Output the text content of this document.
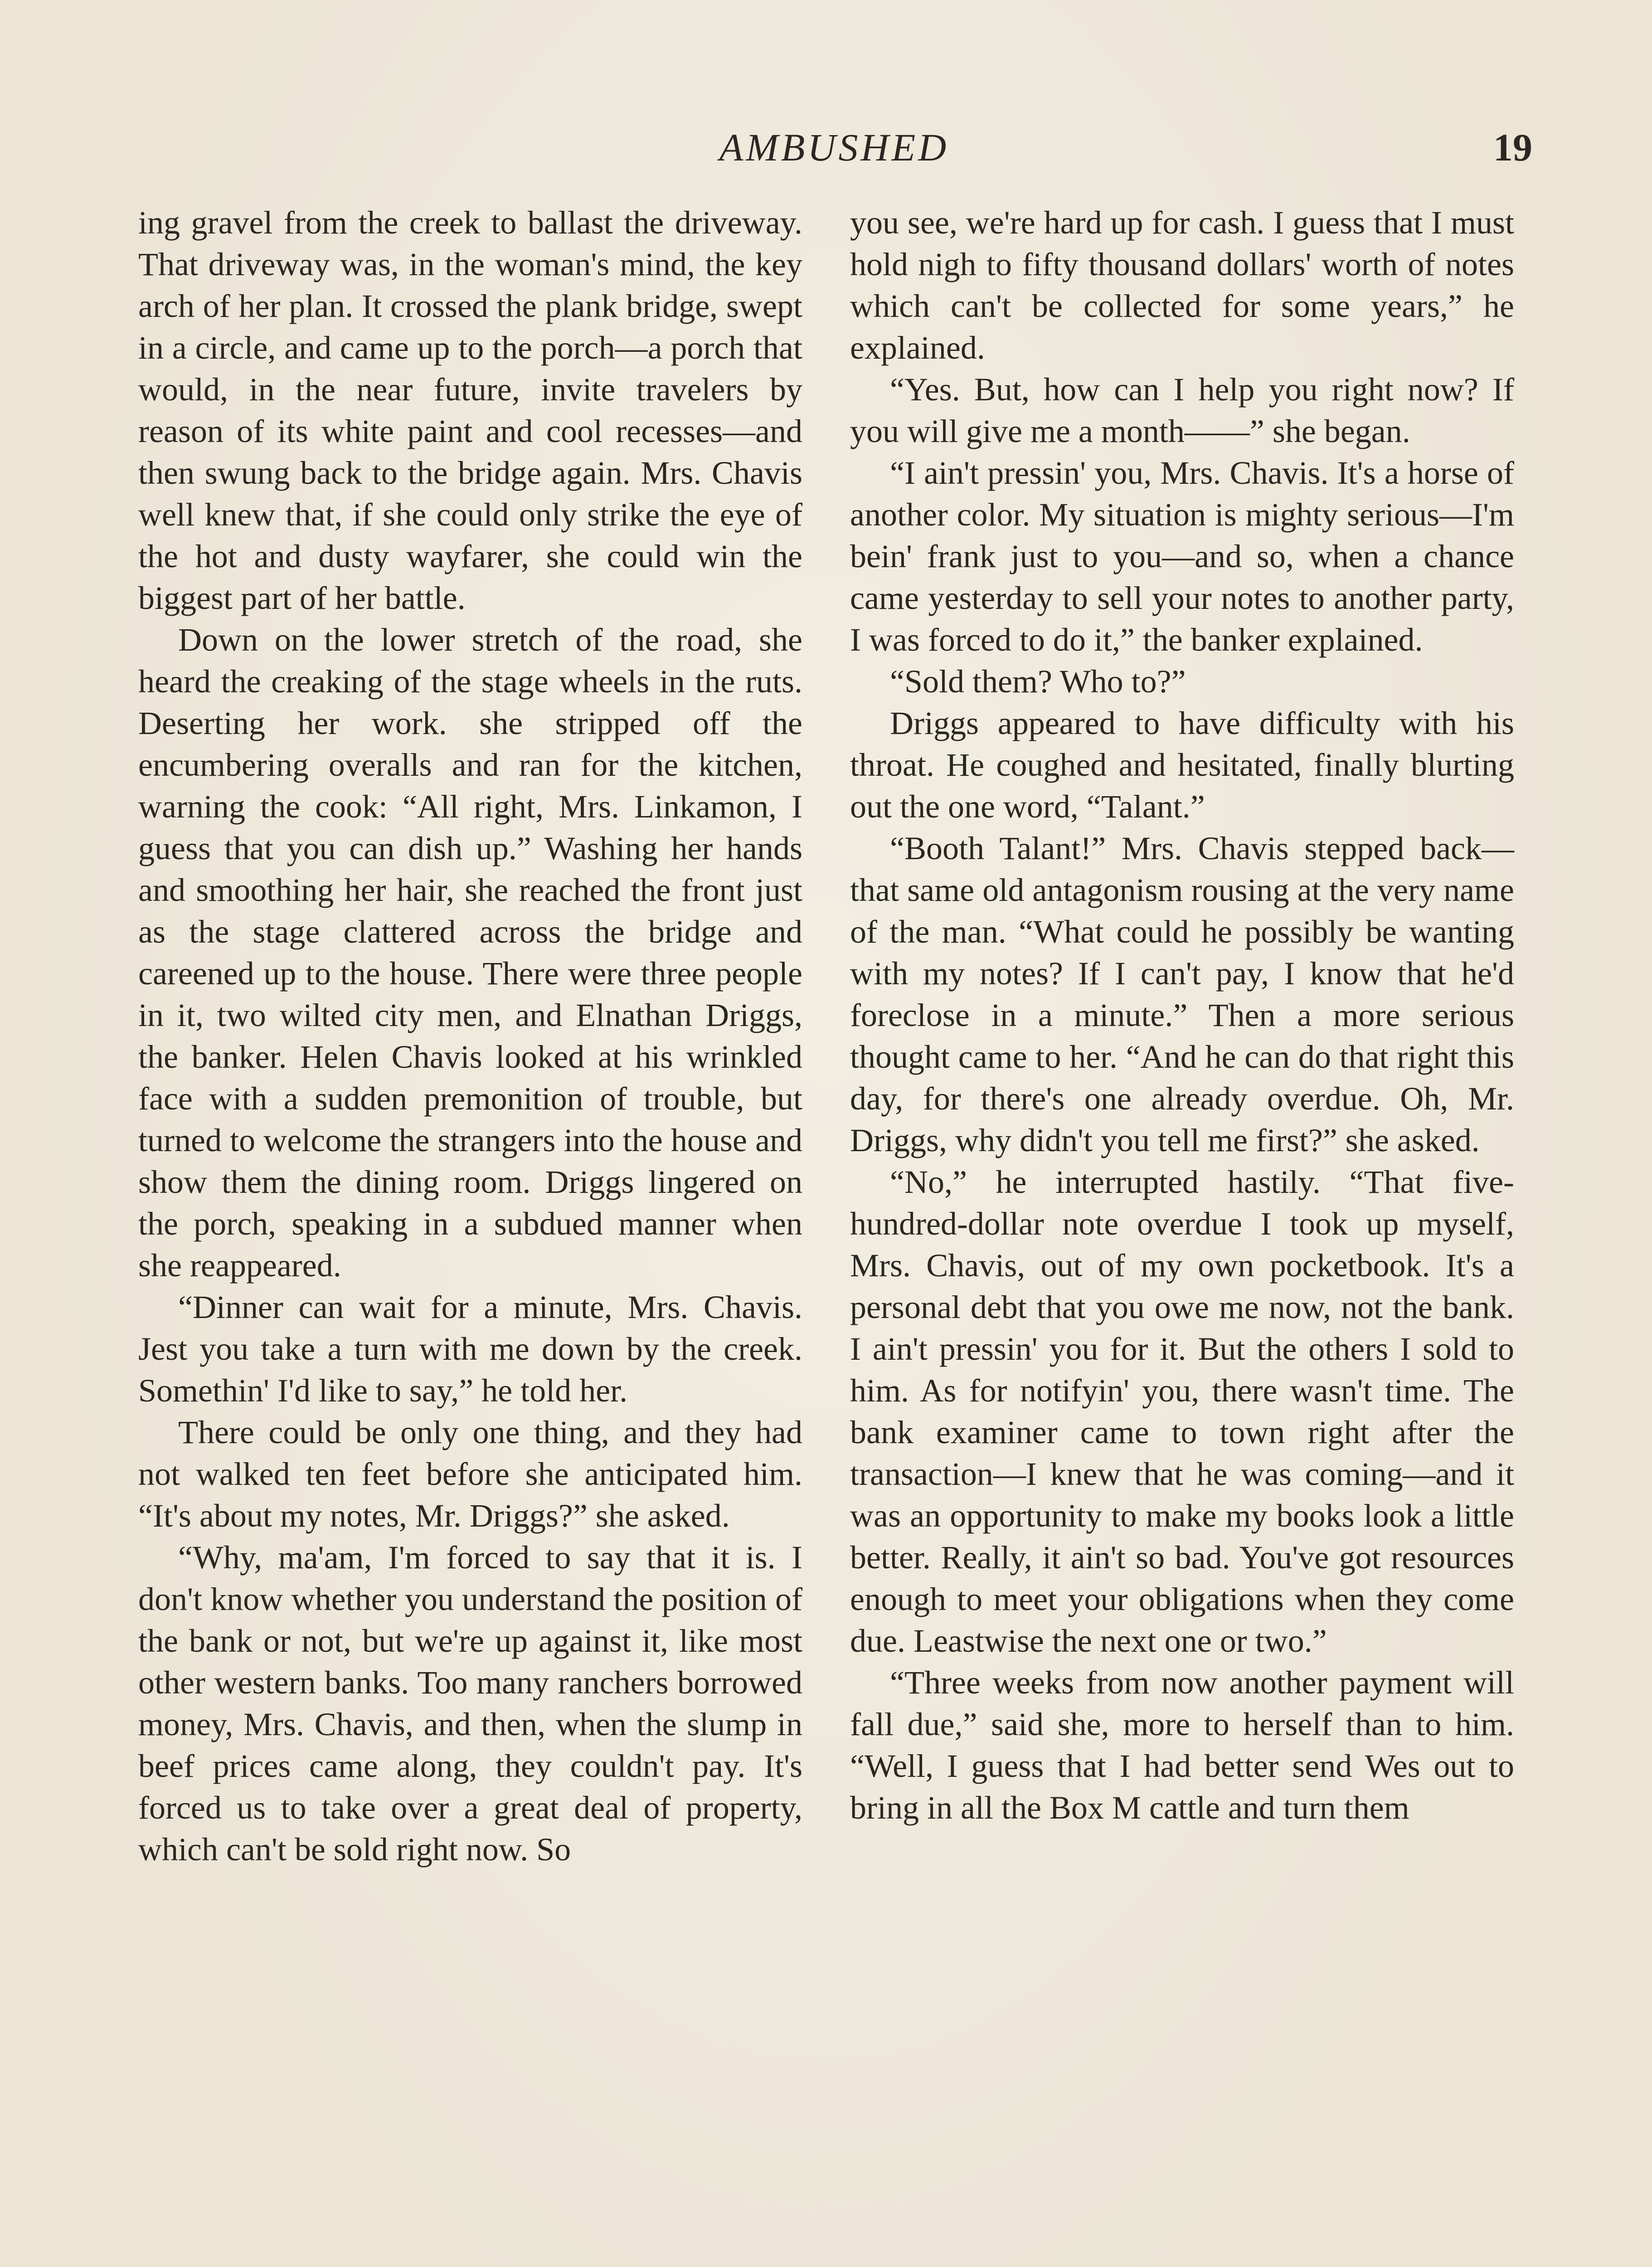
AMBUSHED	19

ing gravel from the creek to ballast the driveway. That driveway was, in the woman's mind, the key arch of her plan. It crossed the plank bridge, swept in a circle, and came up to the porch—a porch that would, in the near future, invite travelers by reason of its white paint and cool recesses—and then swung back to the bridge again. Mrs. Chavis well knew that, if she could only strike the eye of the hot and dusty wayfarer, she could win the biggest part of her battle.

Down on the lower stretch of the road, she heard the creaking of the stage wheels in the ruts. Deserting her work. she stripped off the encumbering overalls and ran for the kitchen, warning the cook: “All right, Mrs. Linkamon, I guess that you can dish up.” Washing her hands and smoothing her hair, she reached the front just as the stage clattered across the bridge and careened up to the house. There were three people in it, two wilted city men, and Elnathan Driggs, the banker. Helen Chavis looked at his wrinkled face with a sudden premonition of trouble, but turned to welcome the strangers into the house and show them the dining room. Driggs lingered on the porch, speaking in a subdued manner when she reappeared.

“Dinner can wait for a minute, Mrs. Chavis. Jest you take a turn with me down by the creek. Somethin' I'd like to say,” he told her.

There could be only one thing, and they had not walked ten feet before she anticipated him. “It's about my notes, Mr. Driggs?” she asked.

“Why, ma'am, I'm forced to say that it is. I don't know whether you understand the position of the bank or not, but we're up against it, like most other western banks. Too many ranchers borrowed money, Mrs. Chavis, and then, when the slump in beef prices came along, they couldn't pay. It's forced us to take over a great deal of property, which can't be sold right now. So

you see, we're hard up for cash. I guess that I must hold nigh to fifty thousand dollars' worth of notes which can't be collected for some years,” he explained.

“Yes. But, how can I help you right now? If you will give me a month——” she began.

“I ain't pressin' you, Mrs. Chavis. It's a horse of another color. My situation is mighty serious—I'm bein' frank just to you—and so, when a chance came yesterday to sell your notes to another party, I was forced to do it,” the banker explained.

“Sold them? Who to?”

Driggs appeared to have difficulty with his throat. He coughed and hesitated, finally blurting out the one word, “Talant.”

“Booth Talant!” Mrs. Chavis stepped back—that same old antagonism rousing at the very name of the man. “What could he possibly be wanting with my notes? If I can't pay, I know that he'd foreclose in a minute.” Then a more serious thought came to her. “And he can do that right this day, for there's one already overdue. Oh, Mr. Driggs, why didn't you tell me first?” she asked.

“No,” he interrupted hastily. “That five-hundred-dollar note overdue I took up myself, Mrs. Chavis, out of my own pocketbook. It's a personal debt that you owe me now, not the bank. I ain't pressin' you for it. But the others I sold to him. As for notifyin' you, there wasn't time. The bank examiner came to town right after the transaction—I knew that he was coming—and it was an opportunity to make my books look a little better. Really, it ain't so bad. You've got resources enough to meet your obligations when they come due. Leastwise the next one or two.”

“Three weeks from now another payment will fall due,” said she, more to herself than to him. “Well, I guess that I had better send Wes out to bring in all the Box M cattle and turn them
